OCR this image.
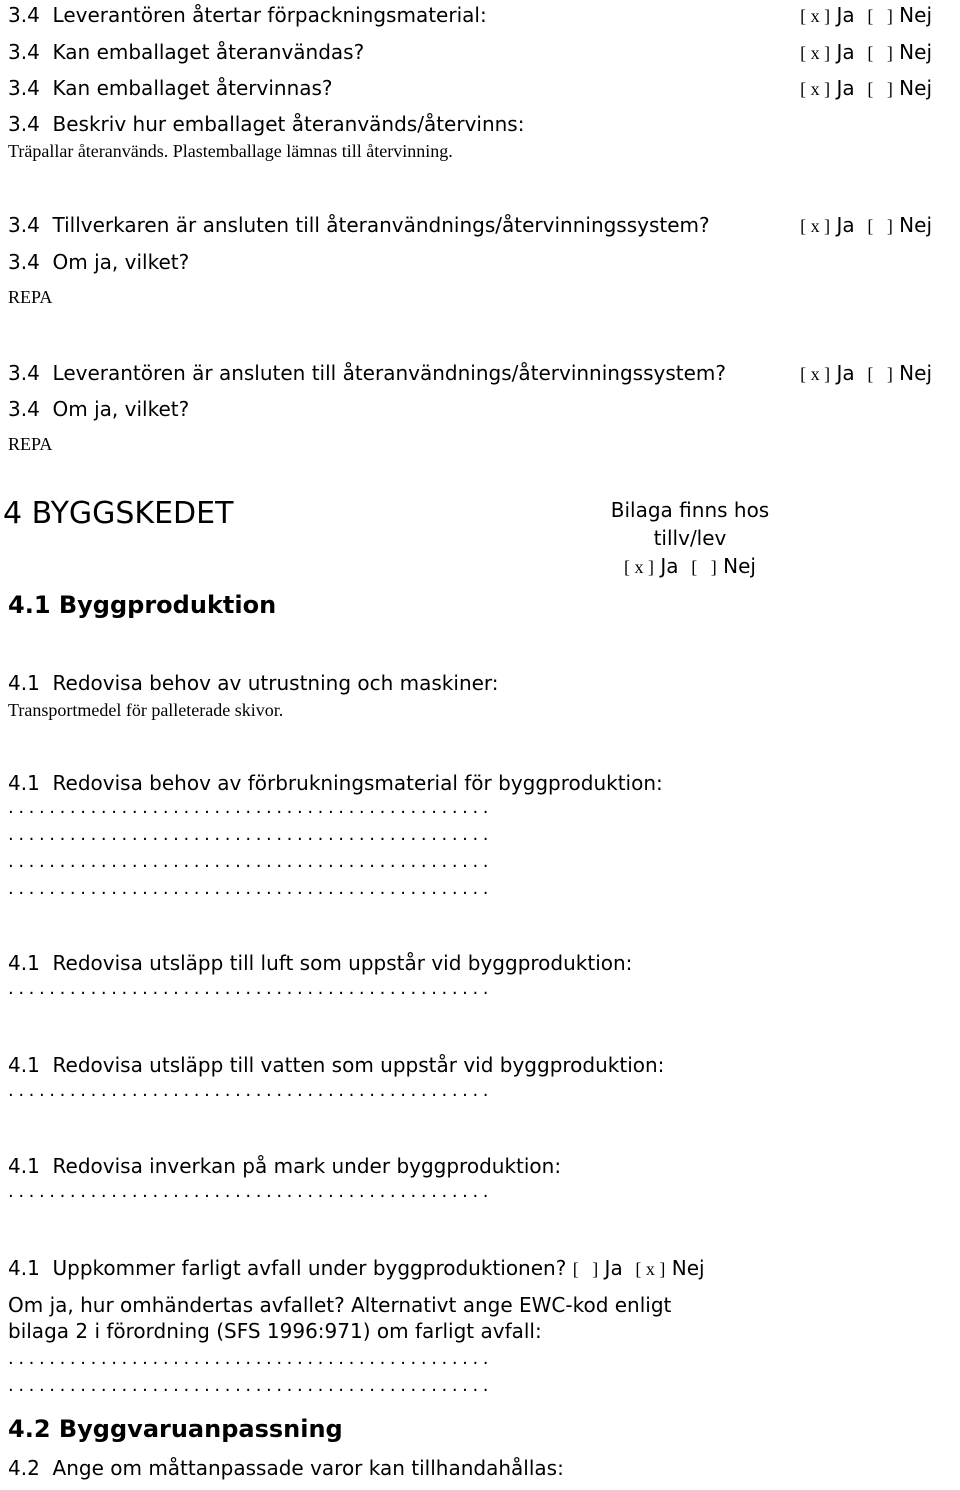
3.4  Leverantören återtar förpackningsmaterial:	[ x ] Ja [   ] Nej
3.4  Kan emballaget återanvändas?	[ x ] Ja [   ] Nej
3.4  Kan emballaget återvinnas?	[ x ] Ja [   ] Nej
3.4  Beskriv hur emballaget återanvänds/återvinns:
Träpallar återanvänds. Plastemballage lämnas till återvinning.
3.4  Tillverkaren är ansluten till återanvändnings/återvinningssystem?	[ x ] Ja [   ] Nej
3.4  Om ja, vilket?
REPA
3.4  Leverantören är ansluten till återanvändnings/återvinningssystem?	[ x ] Ja [   ] Nej
3.4  Om ja, vilket?
REPA
4 BYGGSKEDET	Bilaga finns hos
tillv/lev
[ x ] Ja [   ] Nej
4.1 Byggproduktion
4.1  Redovisa behov av utrustning och maskiner:
Transportmedel för palleterade skivor.
4.1  Redovisa behov av förbrukningsmaterial för byggproduktion:
...............................................
...............................................
...............................................
...............................................
4.1  Redovisa utsläpp till luft som uppstår vid byggproduktion:
...............................................
4.1  Redovisa utsläpp till vatten som uppstår vid byggproduktion:
...............................................
4.1  Redovisa inverkan på mark under byggproduktion:
...............................................
4.1  Uppkommer farligt avfall under byggproduktionen? [   ] Ja [ x ] Nej
Om ja, hur omhändertas avfallet? Alternativt ange EWC-kod enligt
bilaga 2 i förordning (SFS 1996:971) om farligt avfall:
...............................................
...............................................
4.2 Byggvaruanpassning
4.2  Ange om måttanpassade varor kan tillhandahållas:
